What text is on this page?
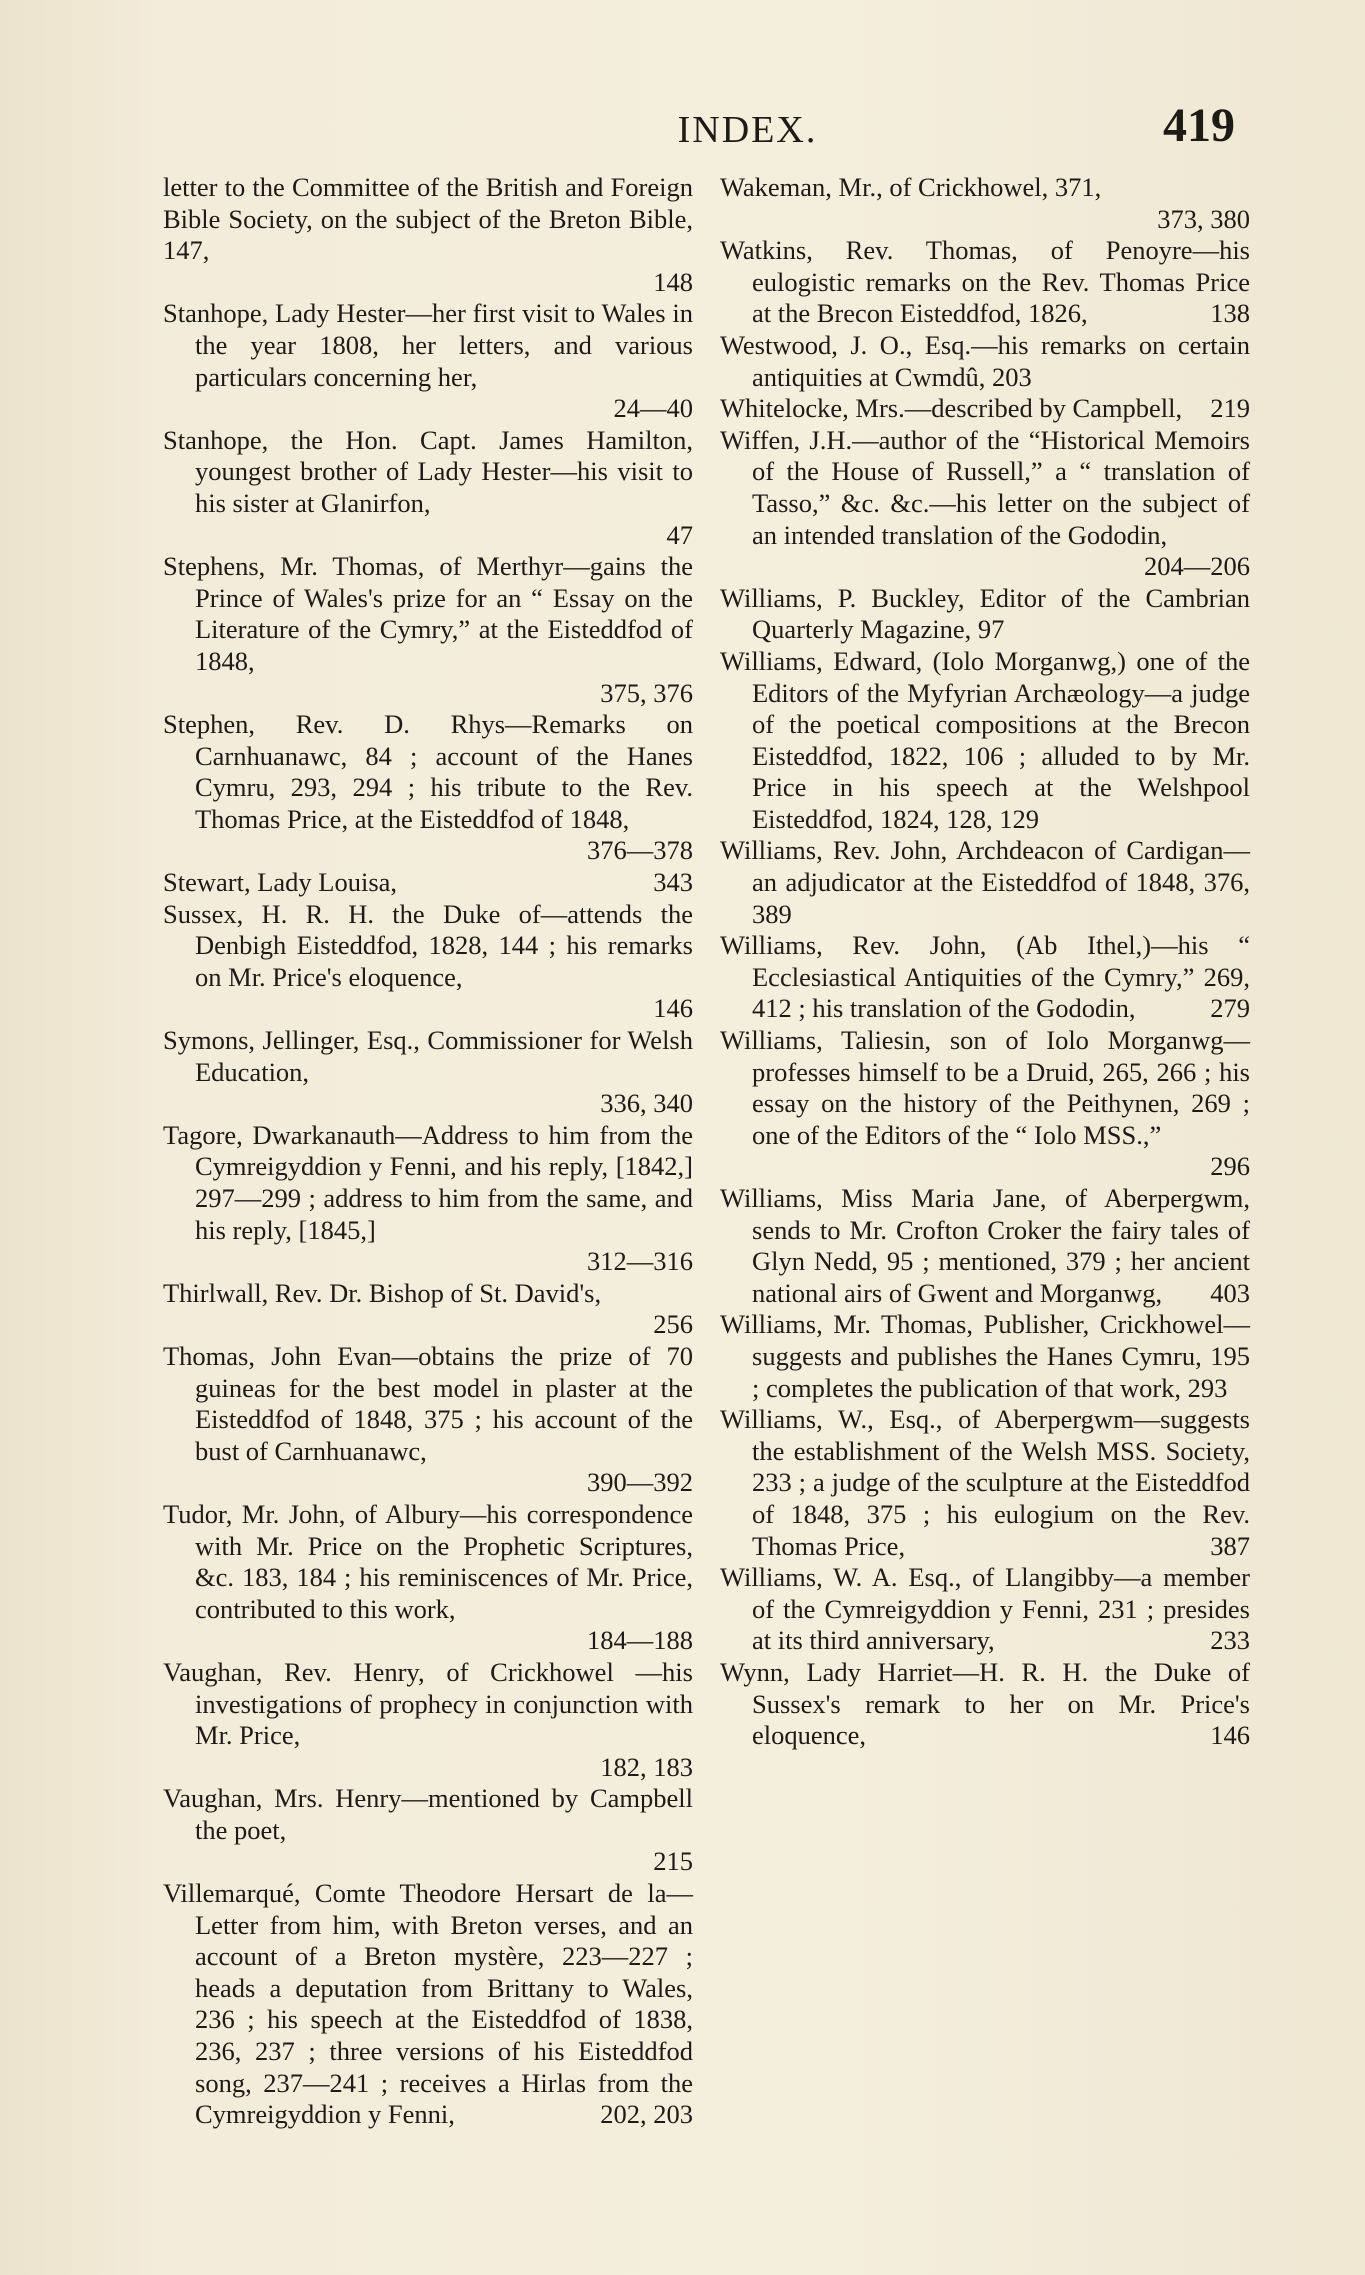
INDEX.	419

letter to the Committee of the British and Foreign Bible Society, on the subject of the Breton Bible, 147,
148

Stanhope, Lady Hester—her first visit to Wales in the year 1808, her letters, and various particulars concerning her,
24—40

Stanhope, the Hon. Capt. James Hamilton, youngest brother of Lady Hester—his visit to his sister at Glanirfon,
47

Stephens, Mr. Thomas, of Merthyr—gains the Prince of Wales's prize for an “ Essay on the Literature of the Cymry,” at the Eisteddfod of 1848,
375, 376

Stephen, Rev. D. Rhys—Remarks on Carnhuanawc, 84 ; account of the Hanes Cymru, 293, 294 ; his tribute to the Rev. Thomas Price, at the Eisteddfod of 1848,
376—378

Stewart, Lady Louisa,	343

Sussex, H. R. H. the Duke of—attends the Denbigh Eisteddfod, 1828, 144 ; his remarks on Mr. Price's eloquence,
146

Symons, Jellinger, Esq., Commissioner for Welsh Education,
336, 340

Tagore, Dwarkanauth—Address to him from the Cymreigyddion y Fenni, and his reply, [1842,] 297—299 ; address to him from the same, and his reply, [1845,]
312—316

Thirlwall, Rev. Dr. Bishop of St. David's,
256

Thomas, John Evan—obtains the prize of 70 guineas for the best model in plaster at the Eisteddfod of 1848, 375 ; his account of the bust of Carnhuanawc,
390—392

Tudor, Mr. John, of Albury—his correspondence with Mr. Price on the Prophetic Scriptures, &c. 183, 184 ; his reminiscences of Mr. Price, contributed to this work,
184—188

Vaughan, Rev. Henry, of Crickhowel —his investigations of prophecy in conjunction with Mr. Price,
182, 183

Vaughan, Mrs. Henry—mentioned by Campbell the poet,
215

Villemarqué, Comte Theodore Hersart de la—Letter from him, with Breton verses, and an account of a Breton mystère, 223—227 ; heads a deputation from Brittany to Wales, 236 ; his speech at the Eisteddfod of 1838, 236, 237 ; three versions of his Eisteddfod song, 237—241 ; receives a Hirlas from the Cymreigyddion y Fenni,	202, 203

Wakeman, Mr., of Crickhowel, 371,
373, 380

Watkins, Rev. Thomas, of Penoyre—his eulogistic remarks on the Rev. Thomas Price at the Brecon Eisteddfod, 1826,	138

Westwood, J. O., Esq.—his remarks on certain antiquities at Cwmdû, 203

Whitelocke, Mrs.—described by Campbell, 219

Wiffen, J.H.—author of the “Historical Memoirs of the House of Russell,” a “ translation of Tasso,” &c. &c.—his letter on the subject of an intended translation of the Gododin,
204—206

Williams, P. Buckley, Editor of the Cambrian Quarterly Magazine, 97

Williams, Edward, (Iolo Morganwg,) one of the Editors of the Myfyrian Archæology—a judge of the poetical compositions at the Brecon Eisteddfod, 1822, 106 ; alluded to by Mr. Price in his speech at the Welshpool Eisteddfod, 1824, 128, 129

Williams, Rev. John, Archdeacon of Cardigan—an adjudicator at the Eisteddfod of 1848, 376, 389

Williams, Rev. John, (Ab Ithel,)—his “ Ecclesiastical Antiquities of the Cymry,” 269, 412 ; his translation of the Gododin,	279

Williams, Taliesin, son of Iolo Morganwg—professes himself to be a Druid, 265, 266 ; his essay on the history of the Peithynen, 269 ; one of the Editors of the “ Iolo MSS.,”
296

Williams, Miss Maria Jane, of Aberpergwm, sends to Mr. Crofton Croker the fairy tales of Glyn Nedd, 95 ; mentioned, 379 ; her ancient national airs of Gwent and Morganwg, 403

Williams, Mr. Thomas, Publisher, Crickhowel—suggests and publishes the Hanes Cymru, 195 ; completes the publication of that work, 293

Williams, W., Esq., of Aberpergwm—suggests the establishment of the Welsh MSS. Society, 233 ; a judge of the sculpture at the Eisteddfod of 1848, 375 ; his eulogium on the Rev. Thomas Price,	387

Williams, W. A. Esq., of Llangibby—a member of the Cymreigyddion y Fenni, 231 ; presides at its third anniversary,	233

Wynn, Lady Harriet—H. R. H. the Duke of Sussex's remark to her on Mr. Price's eloquence,	146
